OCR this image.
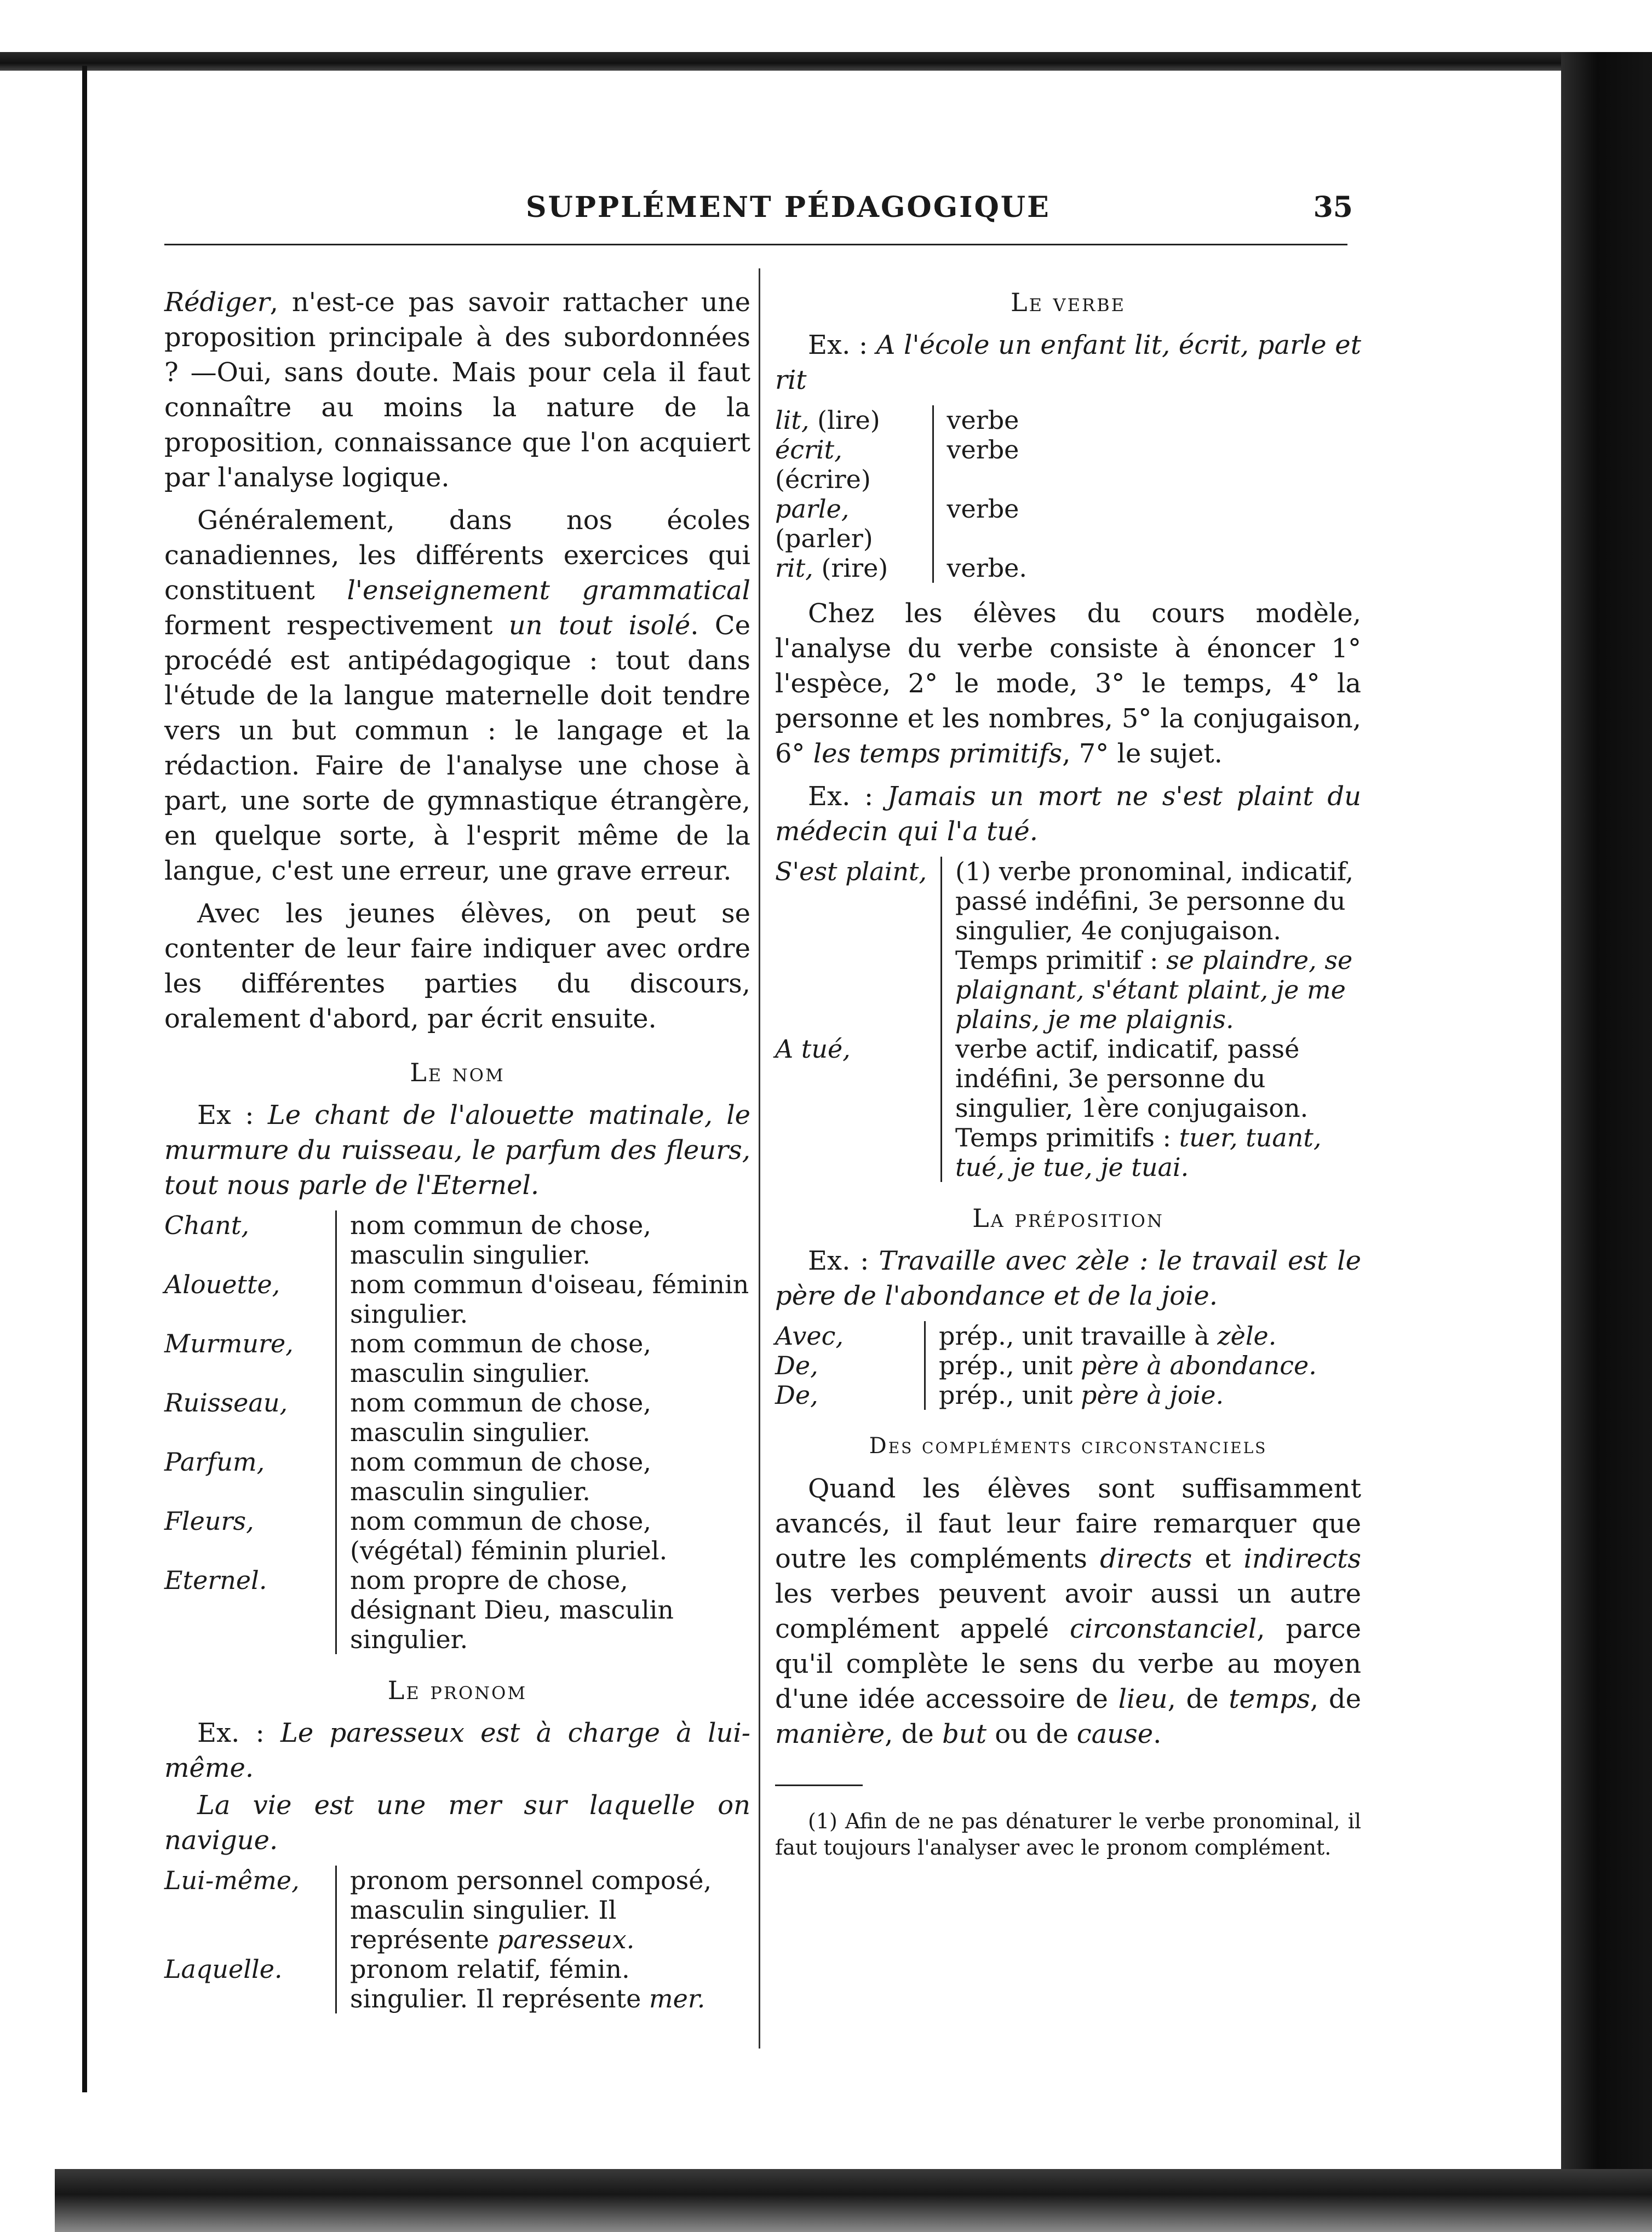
SUPPLÉMENT PÉDAGOGIQUE	35

Rédiger, n'est-ce pas savoir rattacher une proposition principale à des subordonnées ? —Oui, sans doute. Mais pour cela il faut connaître au moins la nature de la proposition, connaissance que l'on acquiert par l'analyse logique.

Généralement, dans nos écoles canadiennes, les différents exercices qui constituent l'enseignement grammatical forment respectivement un tout isolé. Ce procédé est antipédagogique : tout dans l'étude de la langue maternelle doit tendre vers un but commun : le langage et la rédaction. Faire de l'analyse une chose à part, une sorte de gymnastique étrangère, en quelque sorte, à l'esprit même de la langue, c'est une erreur, une grave erreur.

Avec les jeunes élèves, on peut se contenter de leur faire indiquer avec ordre les différentes parties du discours, oralement d'abord, par écrit ensuite.

Le nom

Ex : Le chant de l'alouette matinale, le murmure du ruisseau, le parfum des fleurs, tout nous parle de l'Eternel.

Chant,	nom commun de chose, masculin singulier.
Alouette,	nom commun d'oiseau, féminin singulier.
Murmure,	nom commun de chose, masculin singulier.
Ruisseau,	nom commun de chose, masculin singulier.
Parfum,	nom commun de chose, masculin singulier.
Fleurs,	nom commun de chose, (végétal) féminin pluriel.
Eternel.	nom propre de chose, désignant Dieu, masculin singulier.
Le pronom

Ex. : Le paresseux est à charge à lui-même.

La vie est une mer sur laquelle on navigue.

Lui-même,	pronom personnel composé, masculin singulier. Il représente paresseux.
Laquelle.	pronom relatif, fémin. singulier. Il représente mer.
Le verbe

Ex. : A l'école un enfant lit, écrit, parle et rit

lit, (lire)	verbe
écrit, (écrire)	verbe
parle, (parler)	verbe
rit, (rire)	verbe.

Chez les élèves du cours modèle, l'analyse du verbe consiste à énoncer 1° l'espèce, 2° le mode, 3° le temps, 4° la personne et les nombres, 5° la conjugaison, 6° les temps primitifs, 7° le sujet.

Ex. : Jamais un mort ne s'est plaint du médecin qui l'a tué.

S'est plaint,	(1) verbe pronominal, indicatif, passé indéfini, 3e personne du singulier, 4e conjugaison. Temps primitif : se plaindre, se plaignant, s'étant plaint, je me plains, je me plaignis.
A tué,	verbe actif, indicatif, passé indéfini, 3e personne du singulier, 1ère conjugaison. Temps primitifs : tuer, tuant, tué, je tue, je tuai.
La préposition

Ex. : Travaille avec zèle : le travail est le père de l'abondance et de la joie.

Avec,	prép., unit travaille à zèle.
De,	prép., unit père à abondance.
De,	prép., unit père à joie.
Des compléments circonstanciels

Quand les élèves sont suffisamment avancés, il faut leur faire remarquer que outre les compléments directs et indirects les verbes peuvent avoir aussi un autre complément appelé circonstanciel, parce qu'il complète le sens du verbe au moyen d'une idée accessoire de lieu, de temps, de manière, de but ou de cause.

(1) Afin de ne pas dénaturer le verbe pronominal, il faut toujours l'analyser avec le pronom complément.
